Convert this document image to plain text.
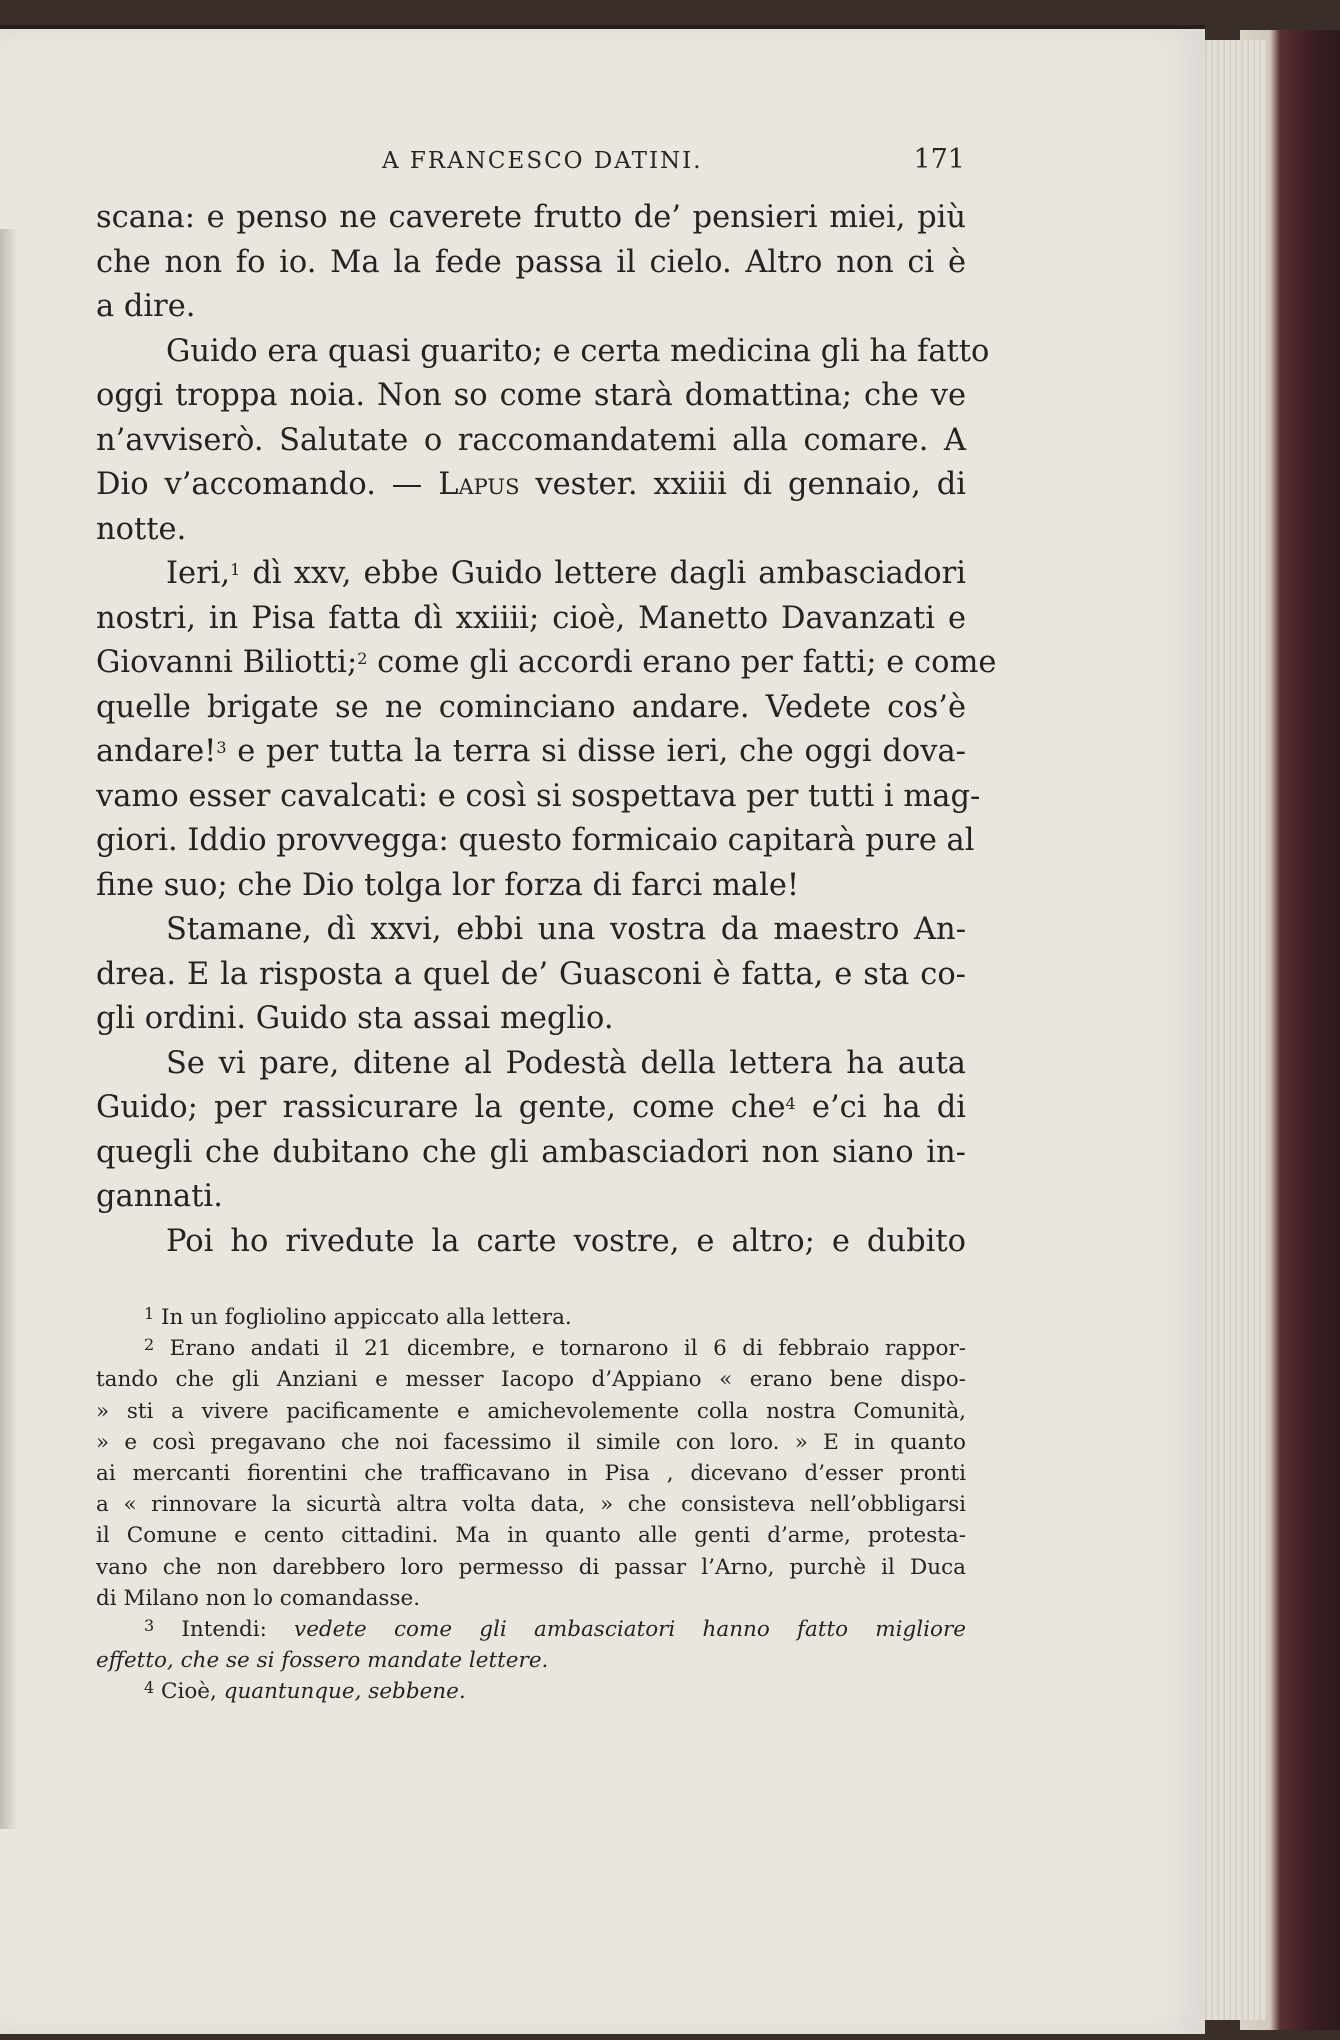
A FRANCESCO DATINI.	171
scana: e penso ne caverete frutto de’ pensieri miei, più
che non fo io. Ma la fede passa il cielo. Altro non ci è
a dire.
Guido era quasi guarito; e certa medicina gli ha fatto
oggi troppa noia. Non so come starà domattina; che ve
n’avviserò. Salutate o raccomandatemi alla comare. A
Dio v’accomando. — Lapus vester. xxiiii di gennaio, di
notte.
Ieri,$^1$ dì xxv, ebbe Guido lettere dagli ambasciadori
nostri, in Pisa fatta dì xxiiii; cioè, Manetto Davanzati e
Giovanni Biliotti;$^2$ come gli accordi erano per fatti; e come
quelle brigate se ne cominciano andare. Vedete cos’è
andare!$^3$ e per tutta la terra si disse ieri, che oggi dova-
vamo esser cavalcati: e così si sospettava per tutti i mag-
giori. Iddio provvegga: questo formicaio capitarà pure al
fine suo; che Dio tolga lor forza di farci male!
Stamane, dì xxvi, ebbi una vostra da maestro An-
drea. E la risposta a quel de’ Guasconi è fatta, e sta co-
gli ordini. Guido sta assai meglio.
Se vi pare, ditene al Podestà della lettera ha auta
Guido; per rassicurare la gente, come che$^4$ e’ci ha di
quegli che dubitano che gli ambasciadori non siano in-
gannati.
Poi ho rivedute la carte vostre, e altro; e dubito
$^1$ In un fogliolino appiccato alla lettera.
$^2$ Erano andati il 21 dicembre, e tornarono il 6 di febbraio rappor-
tando che gli Anziani e messer Iacopo d’Appiano « erano bene dispo-
» sti a vivere pacificamente e amichevolemente colla nostra Comunità,
» e così pregavano che noi facessimo il simile con loro. » E in quanto
ai mercanti fiorentini che trafficavano in Pisa , dicevano d’esser pronti
a « rinnovare la sicurtà altra volta data, » che consisteva nell’obbligarsi
il Comune e cento cittadini. Ma in quanto alle genti d’arme, protesta-
vano che non darebbero loro permesso di passar l’Arno, purchè il Duca
di Milano non lo comandasse.
$^3$ Intendi: vedete come gli ambasciatori hanno fatto migliore
effetto, che se si fossero mandate lettere.
$^4$ Cioè, quantunque, sebbene.
